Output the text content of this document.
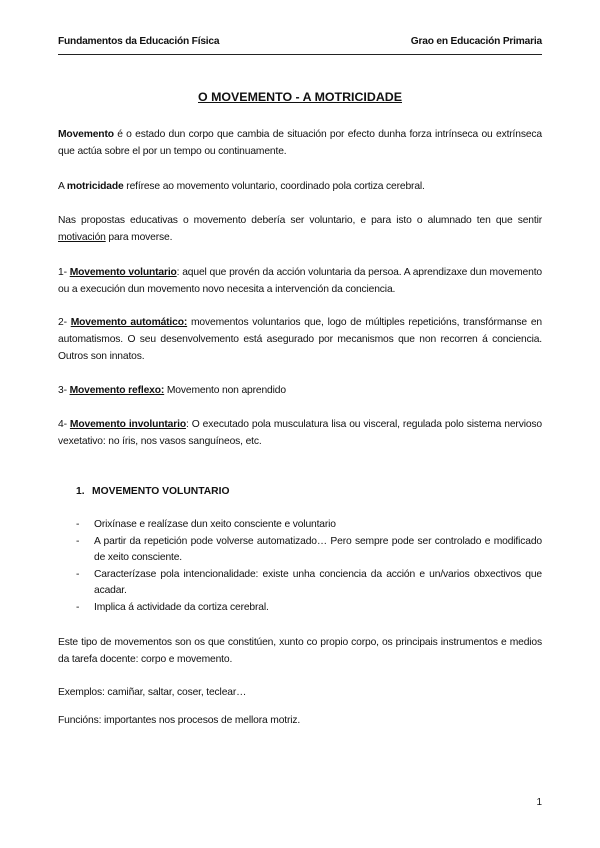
Fundamentos da Educación Física	Grao en Educación Primaria
O MOVEMENTO - A MOTRICIDADE
Movemento é o estado dun corpo que cambia de situación por efecto dunha forza intrínseca ou extrínseca que actúa sobre el por un tempo ou continuamente.
A motricidade refírese ao movemento voluntario, coordinado pola cortiza cerebral.
Nas propostas educativas o movemento debería ser voluntario, e para isto o alumnado ten que sentir motivación para moverse.
1- Movemento voluntario: aquel que provén da acción voluntaria da persoa. A aprendizaxe dun movemento ou a execución dun movemento novo necesita a intervención da conciencia.
2- Movemento automático: movementos voluntarios que, logo de múltiples repeticións, transfórmanse en automatismos. O seu desenvolvemento está asegurado por mecanismos que non recorren á conciencia. Outros son innatos.
3- Movemento reflexo: Movemento non aprendido
4- Movemento involuntario: O executado pola musculatura lisa ou visceral, regulada polo sistema nervioso vexetativo: no íris, nos vasos sanguíneos, etc.
1. MOVEMENTO VOLUNTARIO
- Orixínase e realízase dun xeito consciente e voluntario
- A partir da repetición pode volverse automatizado… Pero sempre pode ser controlado e modificado de xeito consciente.
- Caracterízase pola intencionalidade: existe unha conciencia da acción e un/varios obxectivos que acadar.
- Implica á actividade da cortiza cerebral.
Este tipo de movementos son os que constitúen, xunto co propio corpo, os principais instrumentos e medios da tarefa docente: corpo e movemento.
Exemplos: camiñar, saltar, coser, teclear…
Funcións: importantes nos procesos de mellora motriz.
1
